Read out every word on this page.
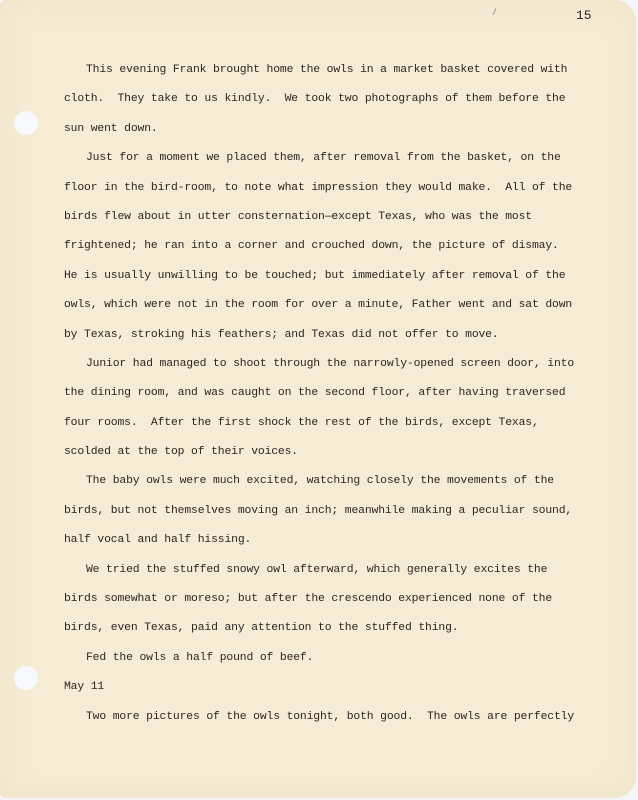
15
This evening Frank brought home the owls in a market basket covered with
cloth.  They take to us kindly.  We took two photographs of them before the
sun went down.
Just for a moment we placed them, after removal from the basket, on the
floor in the bird-room, to note what impression they would make.  All of the
birds flew about in utter consternation—except Texas, who was the most
frightened; he ran into a corner and crouched down, the picture of dismay.
He is usually unwilling to be touched; but immediately after removal of the
owls, which were not in the room for over a minute, Father went and sat down
by Texas, stroking his feathers; and Texas did not offer to move.
Junior had managed to shoot through the narrowly-opened screen door, into
the dining room, and was caught on the second floor, after having traversed
four rooms.  After the first shock the rest of the birds, except Texas,
scolded at the top of their voices.
The baby owls were much excited, watching closely the movements of the
birds, but not themselves moving an inch; meanwhile making a peculiar sound,
half vocal and half hissing.
We tried the stuffed snowy owl afterward, which generally excites the
birds somewhat or moreso; but after the crescendo experienced none of the
birds, even Texas, paid any attention to the stuffed thing.
Fed the owls a half pound of beef.
May 11
Two more pictures of the owls tonight, both good.  The owls are perfectly
